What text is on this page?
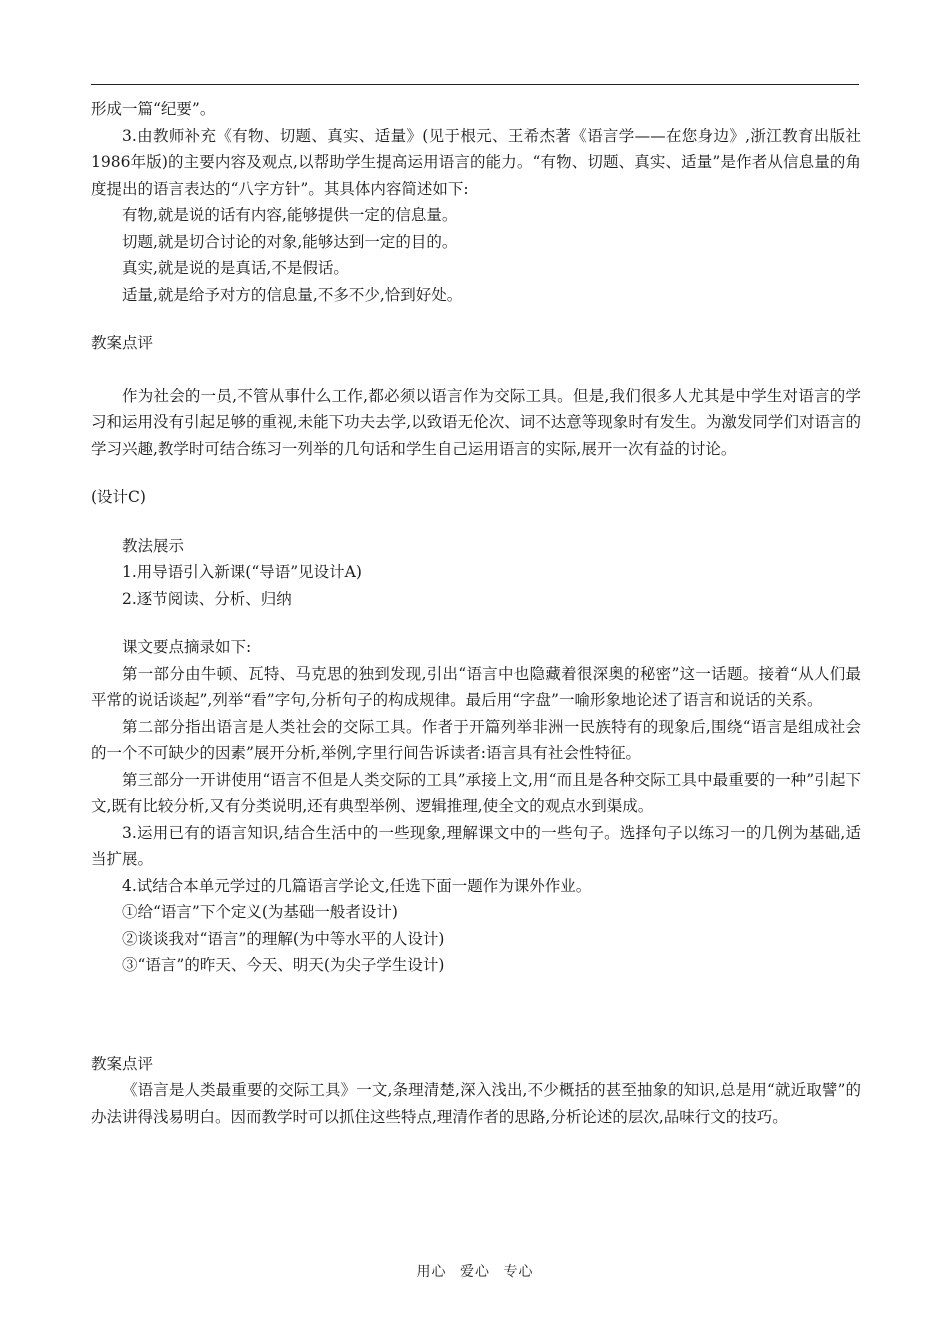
形成一篇“纪要”。

3.由教师补充《有物、切题、真实、适量》(见于根元、王希杰著《语言学——在您身边》,浙江教育出版社1986年版)的主要内容及观点,以帮助学生提高运用语言的能力。“有物、切题、真实、适量”是作者从信息量的角度提出的语言表达的“八字方针”。其具体内容简述如下:

有物,就是说的话有内容,能够提供一定的信息量。

切题,就是切合讨论的对象,能够达到一定的目的。

真实,就是说的是真话,不是假话。

适量,就是给予对方的信息量,不多不少,恰到好处。

教案点评

作为社会的一员,不管从事什么工作,都必须以语言作为交际工具。但是,我们很多人尤其是中学生对语言的学习和运用没有引起足够的重视,未能下功夫去学,以致语无伦次、词不达意等现象时有发生。为激发同学们对语言的学习兴趣,教学时可结合练习一列举的几句话和学生自己运用语言的实际,展开一次有益的讨论。

(设计C)

教法展示

1.用导语引入新课(“导语”见设计A)

2.逐节阅读、分析、归纳

课文要点摘录如下:

第一部分由牛顿、瓦特、马克思的独到发现,引出“语言中也隐藏着很深奥的秘密”这一话题。接着“从人们最平常的说话谈起”,列举“看”字句,分析句子的构成规律。最后用“字盘”一喻形象地论述了语言和说话的关系。

第二部分指出语言是人类社会的交际工具。作者于开篇列举非洲一民族特有的现象后,围绕“语言是组成社会的一个不可缺少的因素”展开分析,举例,字里行间告诉读者:语言具有社会性特征。

第三部分一开讲使用“语言不但是人类交际的工具”承接上文,用“而且是各种交际工具中最重要的一种”引起下文,既有比较分析,又有分类说明,还有典型举例、逻辑推理,使全文的观点水到渠成。

3.运用已有的语言知识,结合生活中的一些现象,理解课文中的一些句子。选择句子以练习一的几例为基础,适当扩展。

4.试结合本单元学过的几篇语言学论文,任选下面一题作为课外作业。

①给“语言”下个定义(为基础一般者设计)

②谈谈我对“语言”的理解(为中等水平的人设计)

③“语言”的昨天、今天、明天(为尖子学生设计)

教案点评

《语言是人类最重要的交际工具》一文,条理清楚,深入浅出,不少概括的甚至抽象的知识,总是用“就近取譬”的办法讲得浅易明白。因而教学时可以抓住这些特点,理清作者的思路,分析论述的层次,品味行文的技巧。

用心 爱心 专心
